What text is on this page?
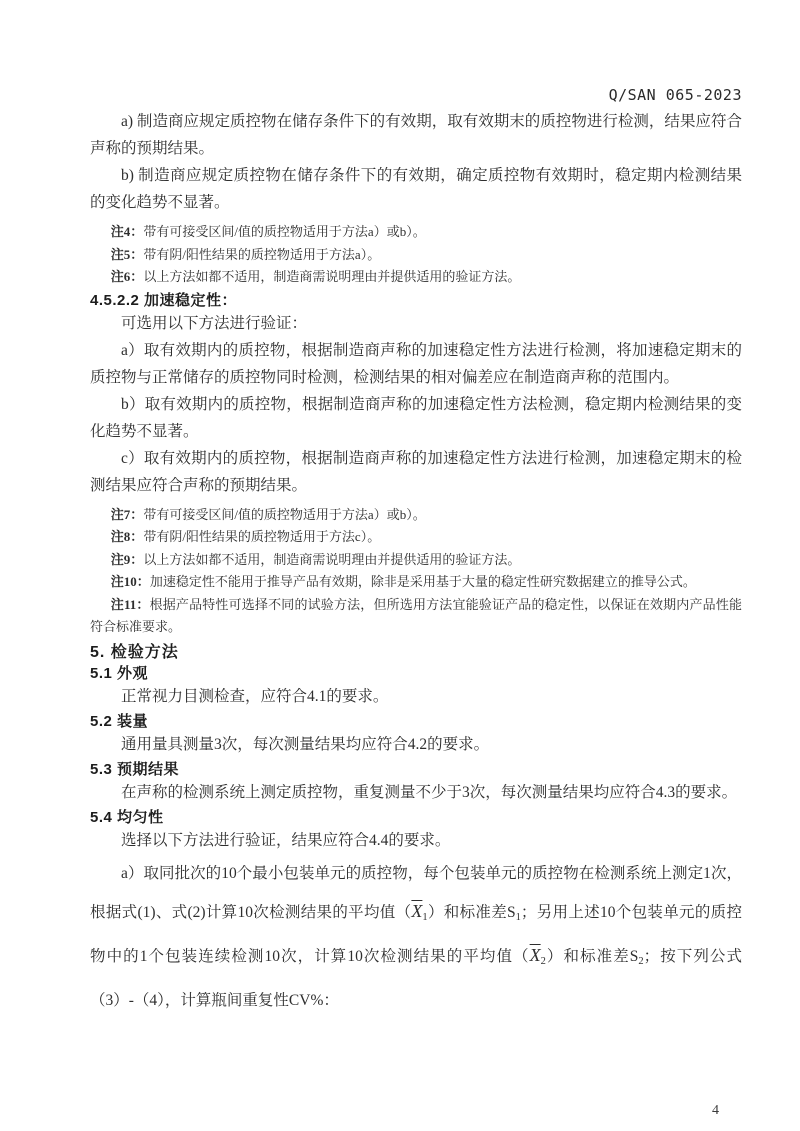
Q/SAN 065-2023

a) 制造商应规定质控物在储存条件下的有效期，取有效期末的质控物进行检测，结果应符合声称的预期结果。

b) 制造商应规定质控物在储存条件下的有效期，确定质控物有效期时，稳定期内检测结果的变化趋势不显著。

注4：带有可接受区间/值的质控物适用于方法a）或b）。

注5：带有阴/阳性结果的质控物适用于方法a）。

注6：以上方法如都不适用，制造商需说明理由并提供适用的验证方法。

4.5.2.2 加速稳定性：

可选用以下方法进行验证：

a）取有效期内的质控物，根据制造商声称的加速稳定性方法进行检测，将加速稳定期末的质控物与正常储存的质控物同时检测，检测结果的相对偏差应在制造商声称的范围内。

b）取有效期内的质控物，根据制造商声称的加速稳定性方法检测，稳定期内检测结果的变化趋势不显著。

c）取有效期内的质控物，根据制造商声称的加速稳定性方法进行检测，加速稳定期末的检测结果应符合声称的预期结果。

注7：带有可接受区间/值的质控物适用于方法a）或b）。

注8：带有阴/阳性结果的质控物适用于方法c）。

注9：以上方法如都不适用，制造商需说明理由并提供适用的验证方法。

注10：加速稳定性不能用于推导产品有效期，除非是采用基于大量的稳定性研究数据建立的推导公式。

注11：根据产品特性可选择不同的试验方法，但所选用方法宜能验证产品的稳定性，以保证在效期内产品性能符合标准要求。

5. 检验方法
5.1 外观

正常视力目测检查，应符合4.1的要求。

5.2 装量

通用量具测量3次，每次测量结果均应符合4.2的要求。

5.3 预期结果

在声称的检测系统上测定质控物，重复测量不少于3次，每次测量结果均应符合4.3的要求。

5.4 均匀性

选择以下方法进行验证，结果应符合4.4的要求。

a）取同批次的10个最小包装单元的质控物，每个包装单元的质控物在检测系统上测定1次，根据式(1)、式(2)计算10次检测结果的平均值$(\overline{X}_1)$和标准差$S_1$；另用上述10个包装单元的质控物中的1个包装连续检测10次，计算10次检测结果的平均值$(\overline{X}_2)$和标准差$S_2$；按下列公式（3）-（4），计算瓶间重复性CV%：

4
